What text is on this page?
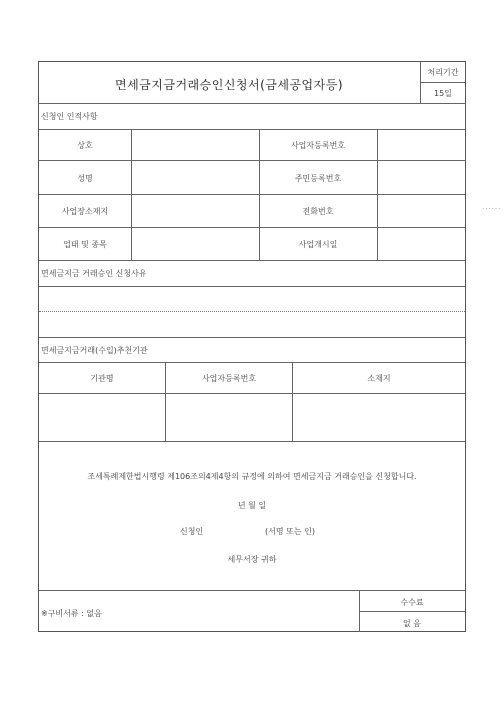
면세금지금거래승인신청서(금세공업자등)
처리기간
15일
신청인 인적사항
상호	사업자등록번호
성명	주민등록번호
사업장소재지	전화번호
업태 및 종목	사업개시일
면세금지금 거래승인 신청사유
면세금지금거래(수입)추천기관
기관명	사업자등록번호	소재지
조세특례제한법시행령 제106조의4제4항의 규정에 의하여 면세금지금 거래승인을 신청합니다.
년 월 일
신청인	(서명 또는 인)
세무서장 귀하
※구비서류 : 없음
수수료
없 음
......
